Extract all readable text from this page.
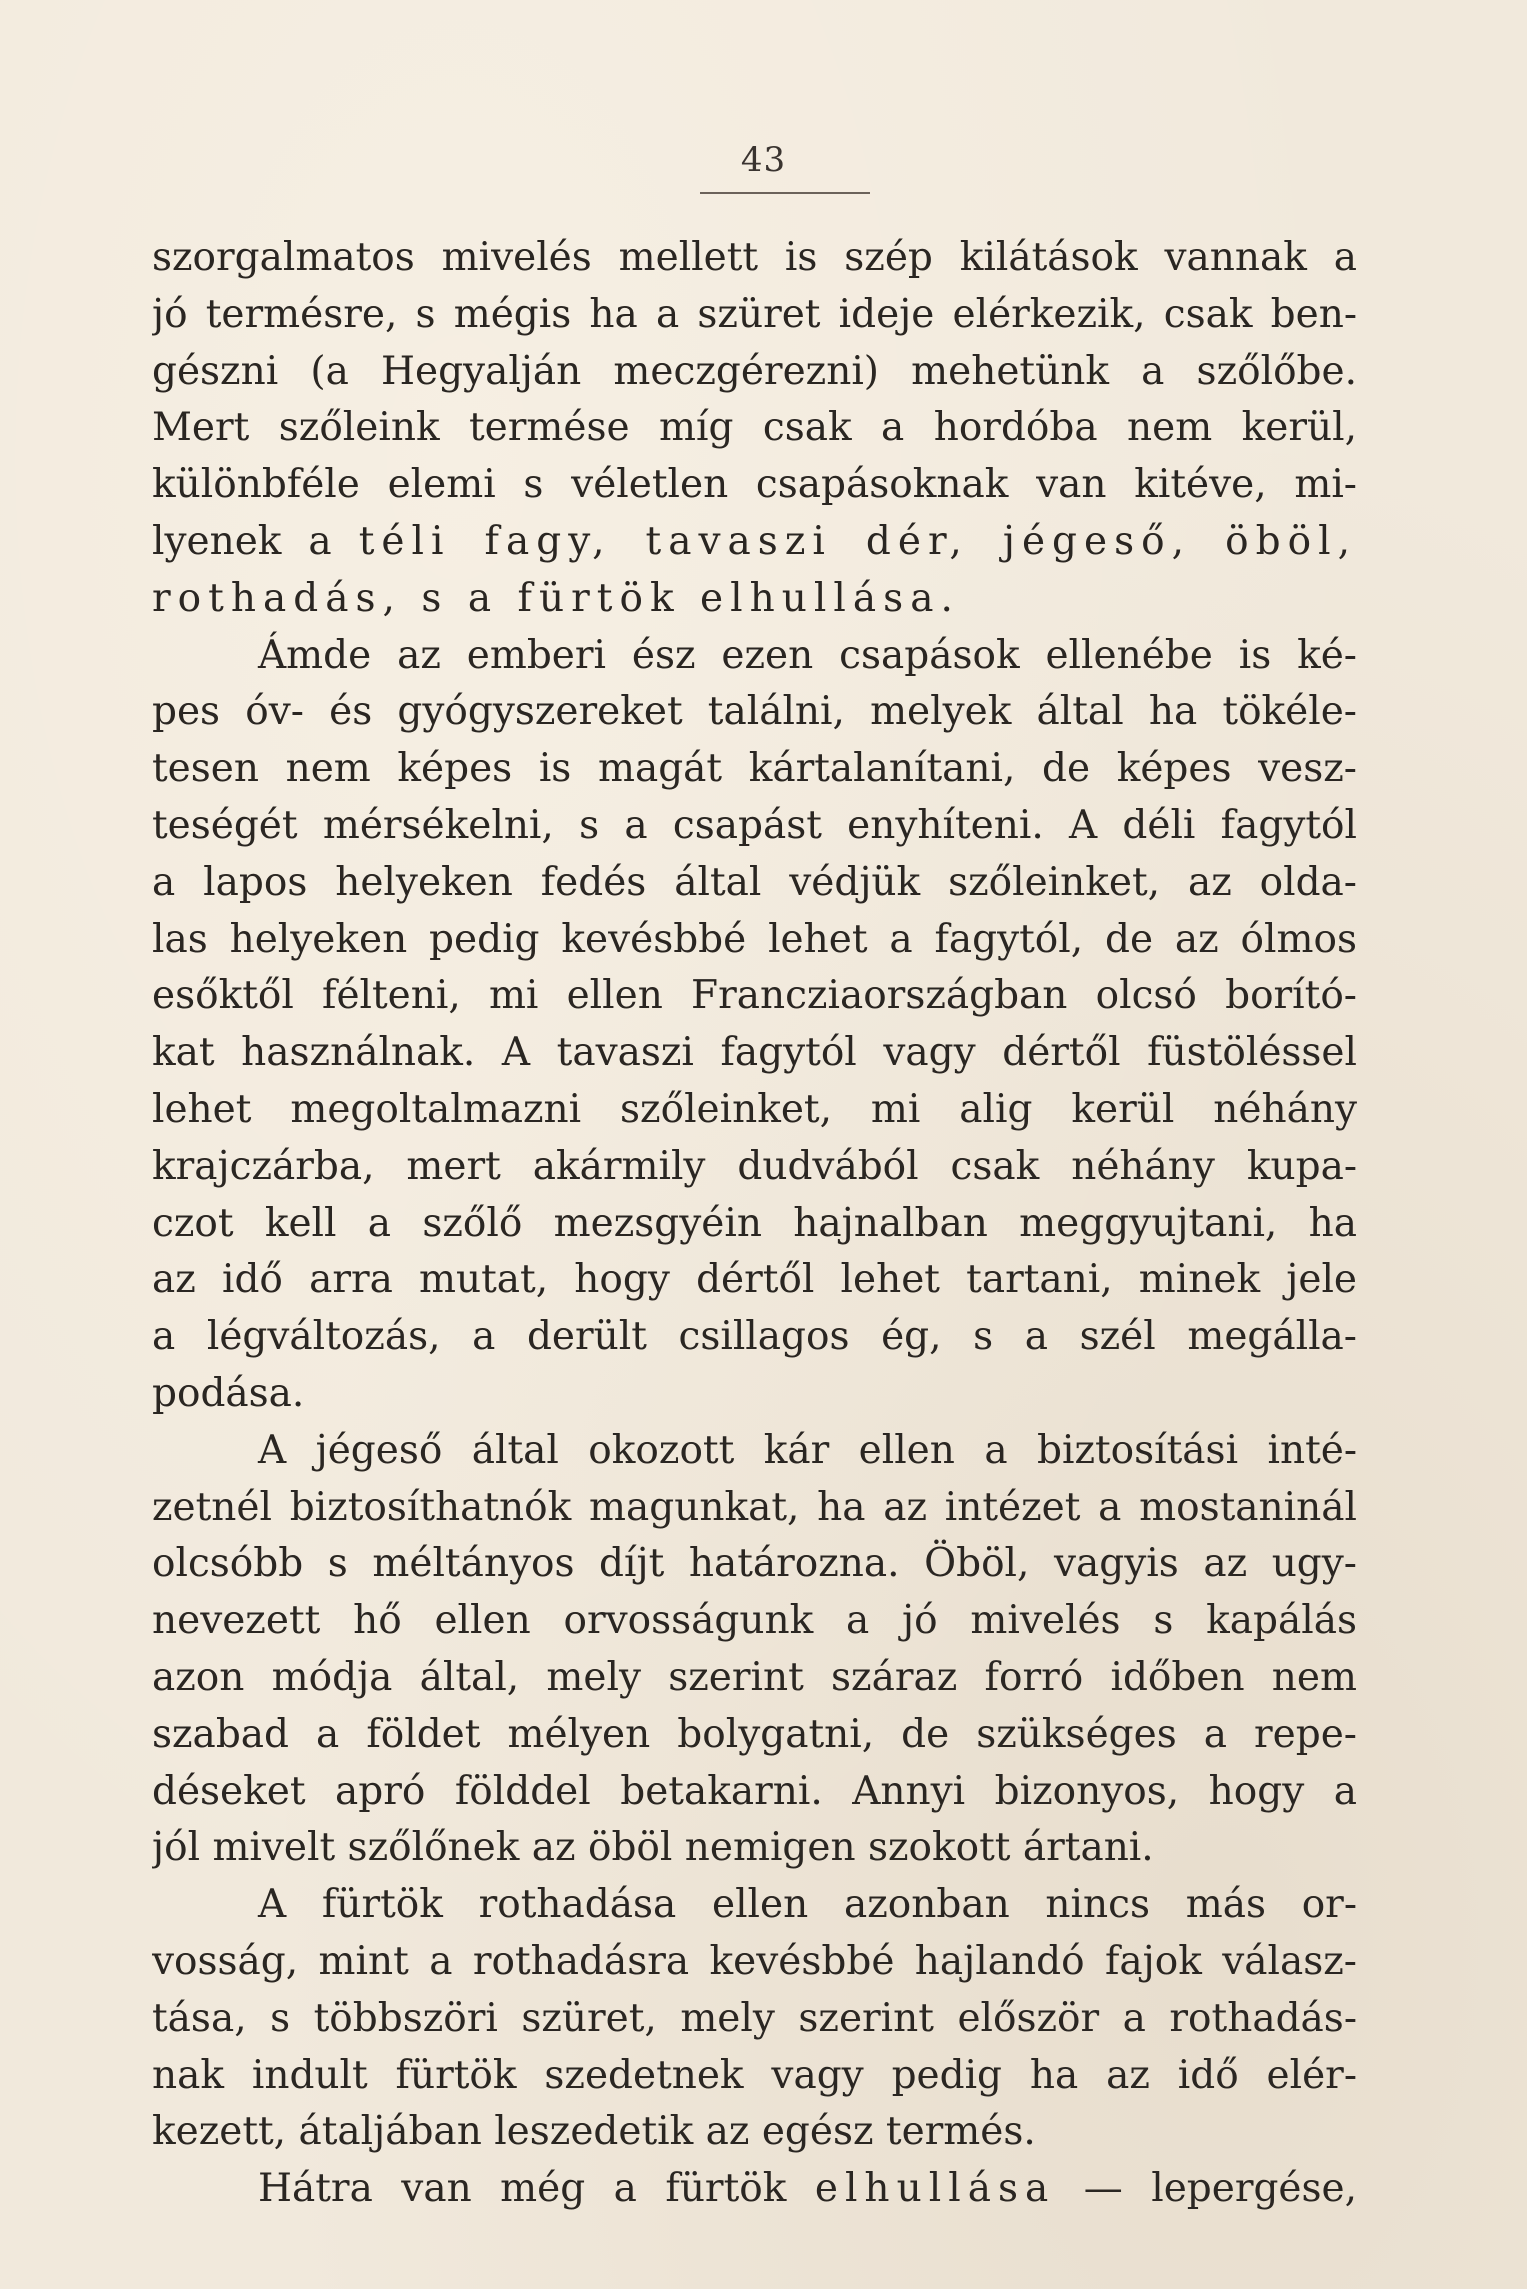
43
szorgalmatos mivelés mellett is szép kilátások vannak a
jó termésre, s mégis ha a szüret ideje elérkezik, csak ben-
gészni (a Hegyalján meczgérezni) mehetünk a szőlőbe.
Mert szőleink termése míg csak a hordóba nem kerül,
különbféle elemi s véletlen csapásoknak van kitéve, mi-
lyenek a téli fagy, tavaszi dér, jégeső, öböl,
rothadás, s a fürtök elhullása.
Ámde az emberi ész ezen csapások ellenébe is ké-
pes óv- és gyógyszereket találni, melyek által ha tökéle-
tesen nem képes is magát kártalanítani, de képes vesz-
teségét mérsékelni, s a csapást enyhíteni. A déli fagytól
a lapos helyeken fedés által védjük szőleinket, az olda-
las helyeken pedig kevésbbé lehet a fagytól, de az ólmos
esőktől félteni, mi ellen Francziaországban olcsó borító-
kat használnak. A tavaszi fagytól vagy dértől füstöléssel
lehet megoltalmazni szőleinket, mi alig kerül néhány
krajczárba, mert akármily dudvából csak néhány kupa-
czot kell a szőlő mezsgyéin hajnalban meggyujtani, ha
az idő arra mutat, hogy dértől lehet tartani, minek jele
a légváltozás, a derült csillagos ég, s a szél megálla-
podása.
A jégeső által okozott kár ellen a biztosítási inté-
zetnél biztosíthatnók magunkat, ha az intézet a mostaninál
olcsóbb s méltányos díjt határozna. Öböl, vagyis az ugy-
nevezett hő ellen orvosságunk a jó mivelés s kapálás
azon módja által, mely szerint száraz forró időben nem
szabad a földet mélyen bolygatni, de szükséges a repe-
déseket apró földdel betakarni. Annyi bizonyos, hogy a
jól mivelt szőlőnek az öböl nemigen szokott ártani.
A fürtök rothadása ellen azonban nincs más or-
vosság, mint a rothadásra kevésbbé hajlandó fajok válasz-
tása, s többszöri szüret, mely szerint először a rothadás-
nak indult fürtök szedetnek vagy pedig ha az idő elér-
kezett, átaljában leszedetik az egész termés.
Hátra van még a fürtök elhullása — lepergése,
